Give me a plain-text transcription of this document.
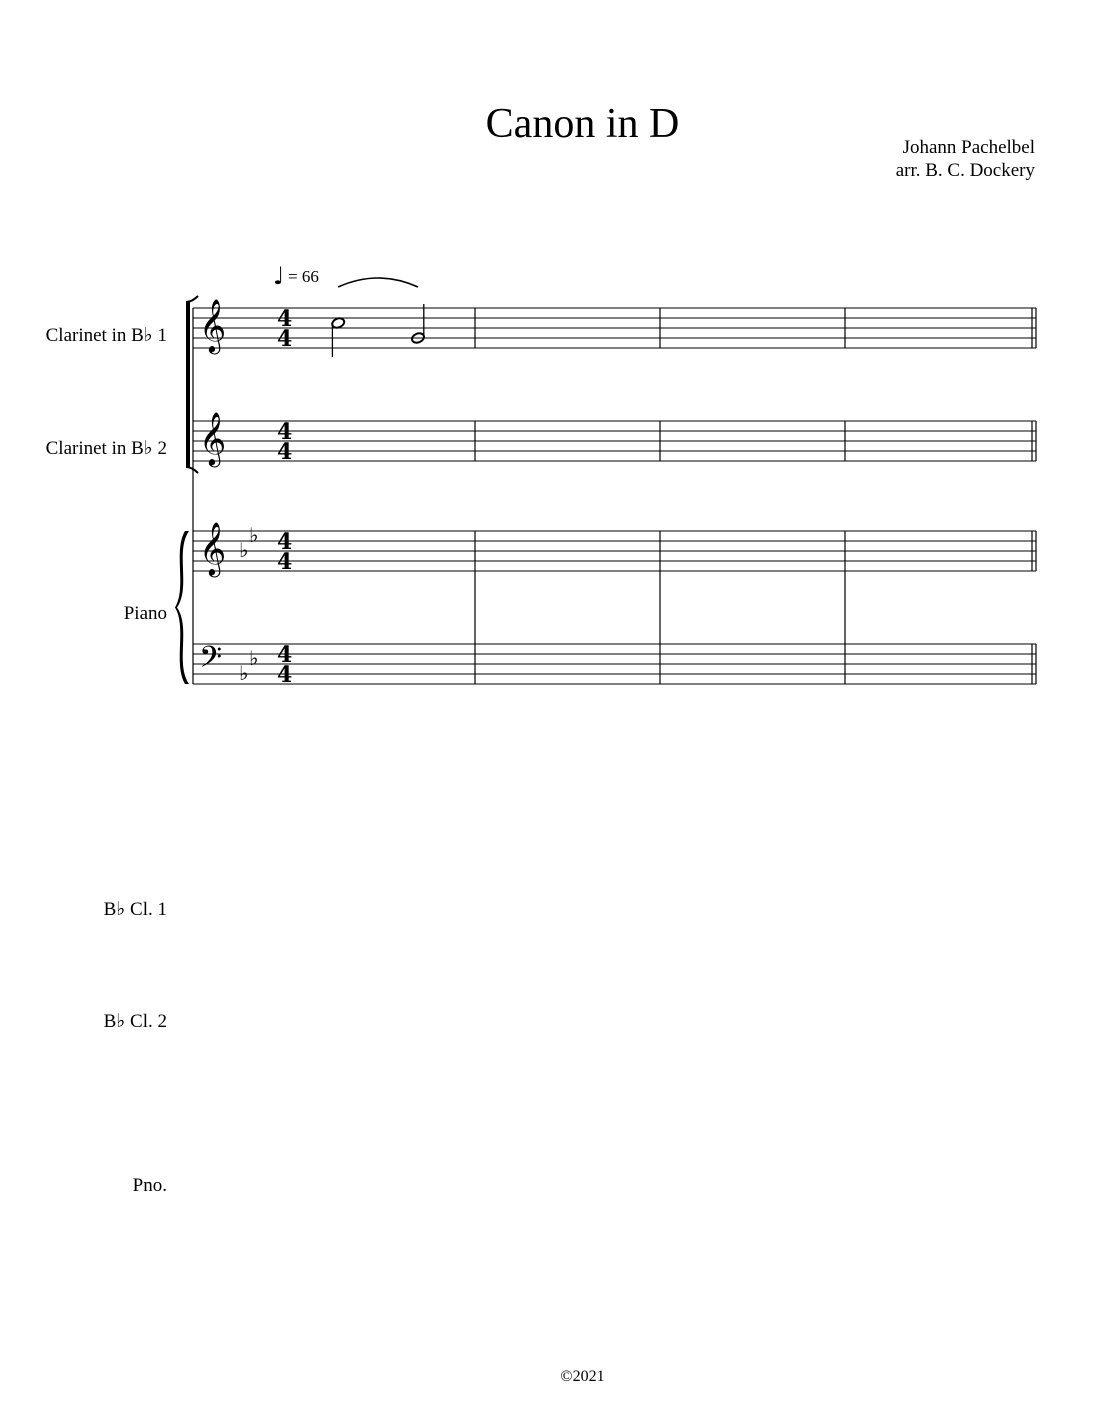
Canon in D
Johann Pachelbel
arr. B. C. Dockery
Clarinet in B♭ 1
Clarinet in B♭ 2
Piano
B♭ Cl. 1
B♭ Cl. 2
Pno.
𝄞 4
4
𝄞 4
4
𝄞 ♭
♭ 4
4
𝄢 ♭
♭ 4
4
♩ = 66
©2021
